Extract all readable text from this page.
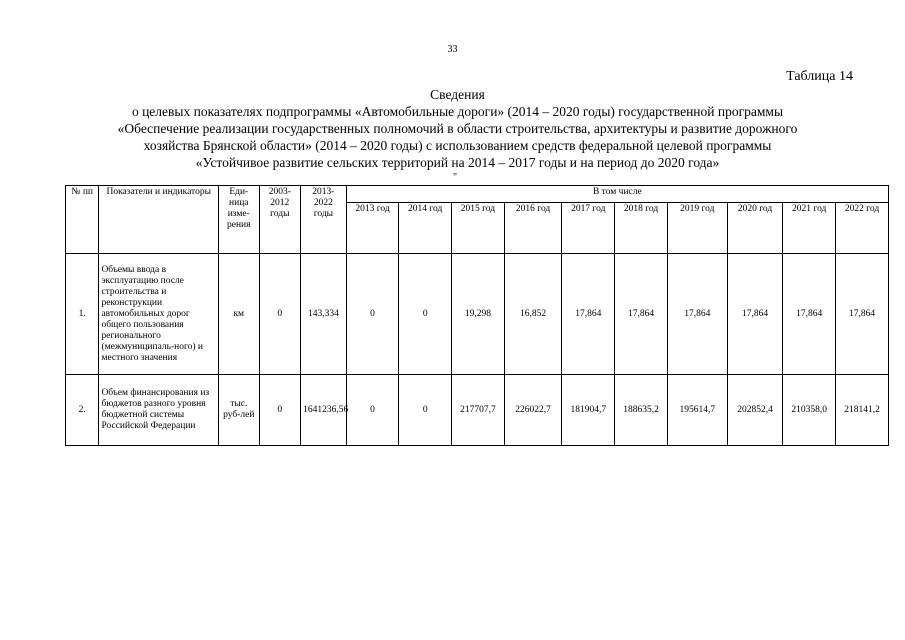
33
Таблица 14
Сведения
о целевых показателях подпрограммы «Автомобильные дороги» (2014 – 2020 годы) государственной программы
«Обеспечение реализации государственных полномочий в области строительства, архитектуры и развитие дорожного
хозяйства Брянской области» (2014 – 2020 годы) с использованием средств федеральной целевой программы
«Устойчивое развитие сельских территорий на 2014 – 2017 годы и на период до 2020 года»
"
№ пп	Показатели и индикаторы	Еди-ница изме-рения	2003-2012 годы	2013-2022 годы	В том числе									
					2013 год	2014 год	2015 год	2016 год	2017 год	2018 год	2019 год	2020 год	2021 год	2022 год
1.	Объемы ввода в эксплуатацию после строительства и реконструкции автомобильных дорог общего пользования регионального (межмуниципаль-ного) и местного значения	км	0	143,334	0	0	19,298	16,852	17,864	17,864	17,864	17,864	17,864	17,864
2.	Объем финансирования из бюджетов разного уровня бюджетной системы Российской Федерации	тыс. руб-лей	0	1641236,56	0	0	217707,7	226022,7	181904,7	188635,2	195614,7	202852,4	210358,0	218141,2
